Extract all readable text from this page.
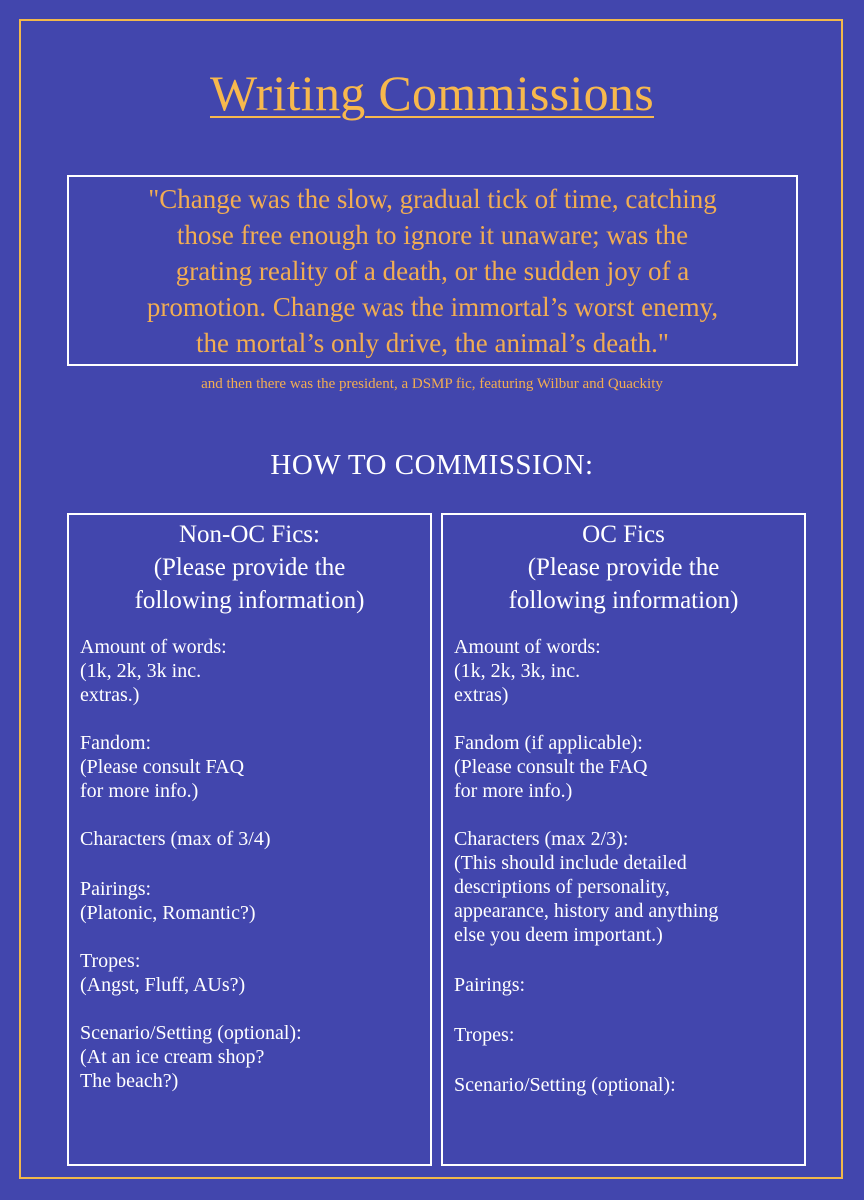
Writing Commissions

"Change was the slow, gradual tick of time, catching
those free enough to ignore it unaware; was the
grating reality of a death, or the sudden joy of a
promotion. Change was the immortal’s worst enemy,
the mortal’s only drive, the animal’s death."

and then there was the president, a DSMP fic, featuring Wilbur and Quackity

HOW TO COMMISSION:
Non-OC Fics:
(Please provide the
following information)
Amount of words:
(1k, 2k, 3k inc.
extras.)
Fandom:
(Please consult FAQ
for more info.)
Characters (max of 3/4)
Pairings:
(Platonic, Romantic?)
Tropes:
(Angst, Fluff, AUs?)
Scenario/Setting (optional):
(At an ice cream shop?
The beach?)
OC Fics
(Please provide the
following information)
Amount of words:
(1k, 2k, 3k, inc.
extras)
Fandom (if applicable):
(Please consult the FAQ
for more info.)
Characters (max 2/3):
(This should include detailed
descriptions of personality,
appearance, history and anything
else you deem important.)
Pairings:
Tropes:
Scenario/Setting (optional):
